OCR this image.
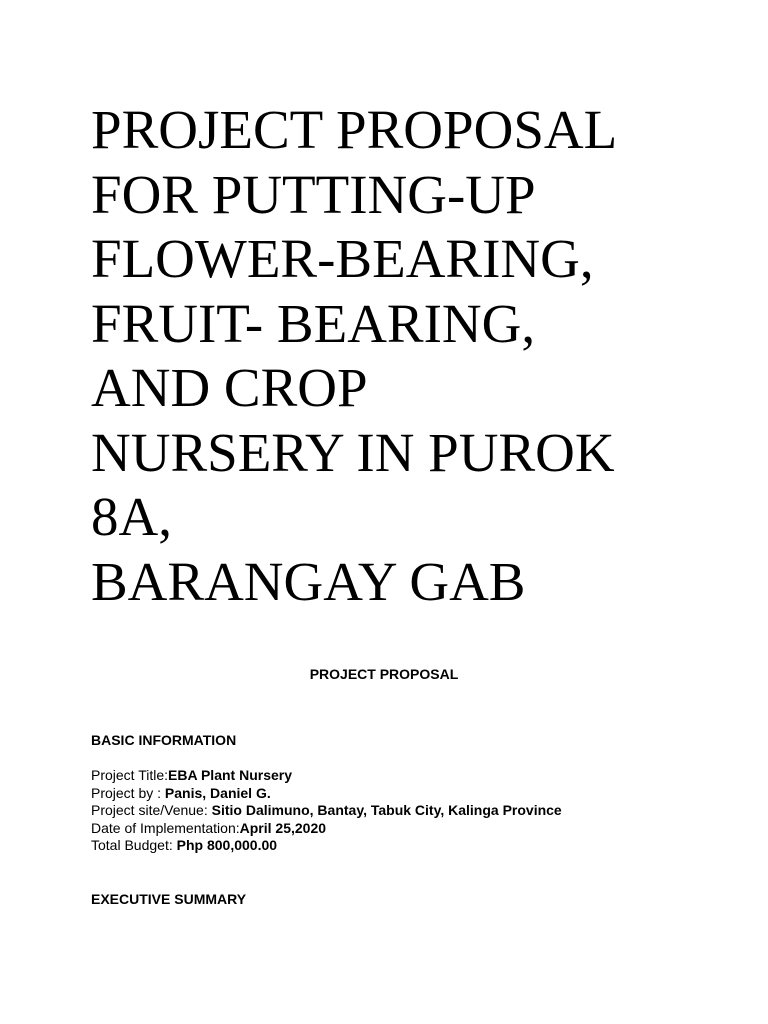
PROJECT PROPOSAL
FOR PUTTING-UP
FLOWER-BEARING,
FRUIT- BEARING,
AND CROP
NURSERY IN PUROK
8A,
BARANGAY GAB
PROJECT PROPOSAL
BASIC INFORMATION
Project Title:EBA Plant Nursery
Project by : Panis, Daniel G.
Project site/Venue: Sitio Dalimuno, Bantay, Tabuk City, Kalinga Province
Date of Implementation:April 25,2020
Total Budget: Php 800,000.00
EXECUTIVE SUMMARY
